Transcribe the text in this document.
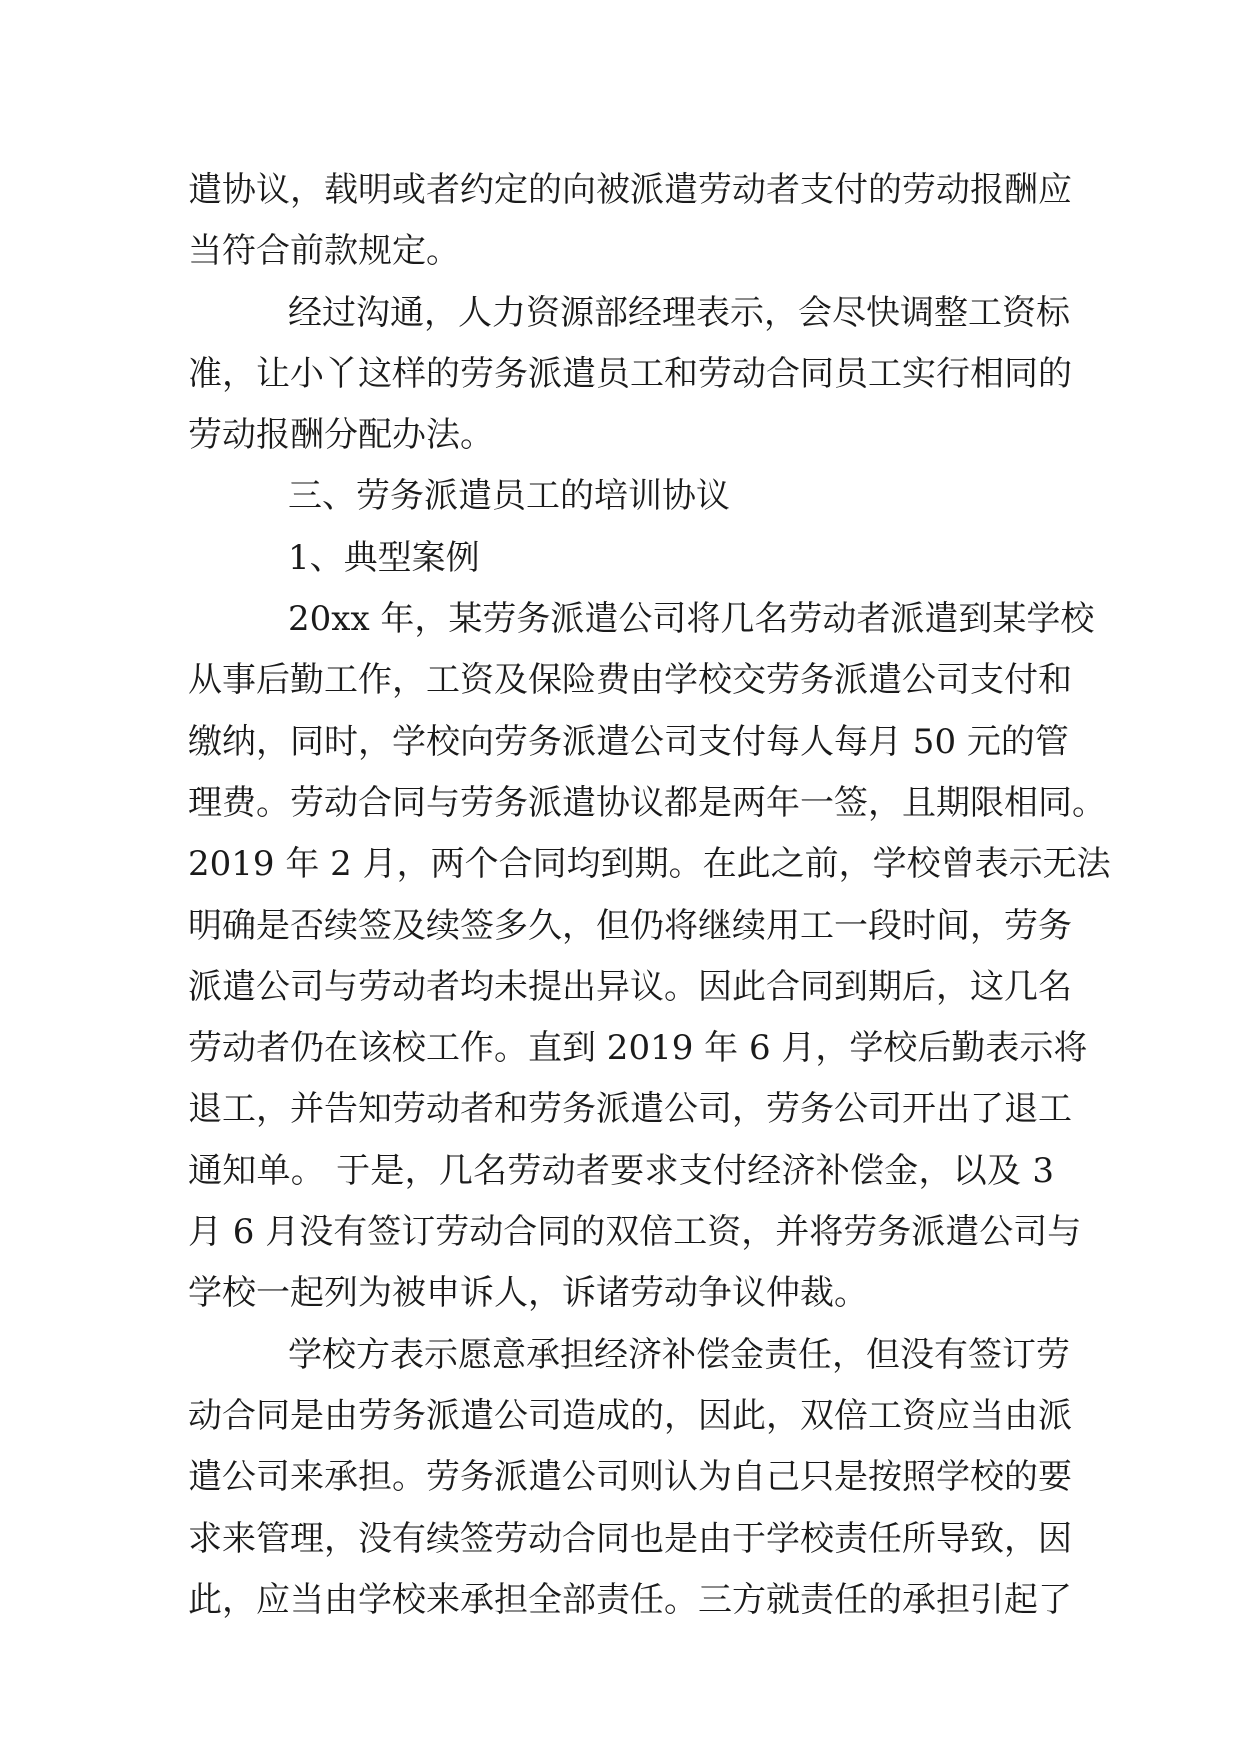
遣协议，载明或者约定的向被派遣劳动者支付的劳动报酬应

当符合前款规定。

经过沟通，人力资源部经理表示，会尽快调整工资标

准，让小丫这样的劳务派遣员工和劳动合同员工实行相同的

劳动报酬分配办法。

三、劳务派遣员工的培训协议

1、典型案例

20xx 年，某劳务派遣公司将几名劳动者派遣到某学校

从事后勤工作，工资及保险费由学校交劳务派遣公司支付和

缴纳，同时，学校向劳务派遣公司支付每人每月 50 元的管

理费。劳动合同与劳务派遣协议都是两年一签，且期限相同。

2019 年 2 月，两个合同均到期。在此之前，学校曾表示无法

明确是否续签及续签多久，但仍将继续用工一段时间，劳务

派遣公司与劳动者均未提出异议。因此合同到期后，这几名

劳动者仍在该校工作。直到 2019 年 6 月，学校后勤表示将

退工，并告知劳动者和劳务派遣公司，劳务公司开出了退工

通知单。 于是，几名劳动者要求支付经济补偿金，以及 3

月 6 月没有签订劳动合同的双倍工资，并将劳务派遣公司与

学校一起列为被申诉人，诉诸劳动争议仲裁。

学校方表示愿意承担经济补偿金责任，但没有签订劳

动合同是由劳务派遣公司造成的，因此，双倍工资应当由派

遣公司来承担。劳务派遣公司则认为自己只是按照学校的要

求来管理，没有续签劳动合同也是由于学校责任所导致，因

此，应当由学校来承担全部责任。三方就责任的承担引起了
